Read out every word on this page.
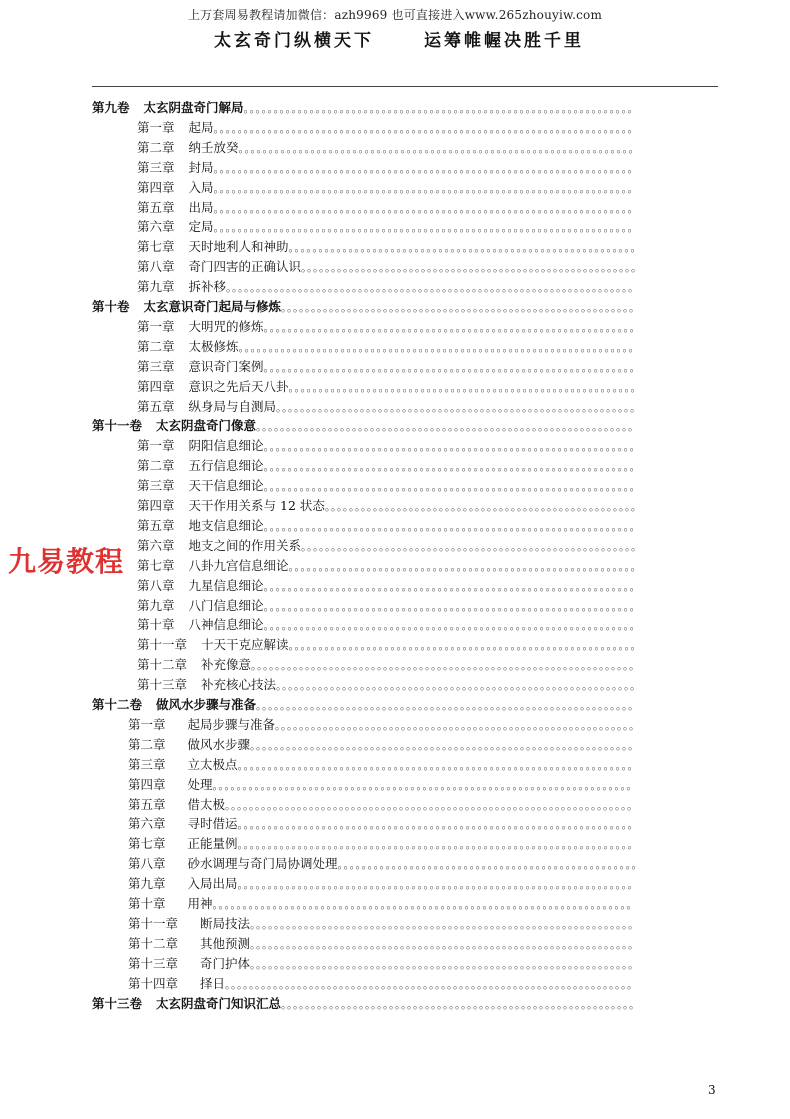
上万套周易教程请加微信：azh9969 也可直接进入www.265zhouyiw.com
太玄奇门纵横天下	运筹帷幄决胜千里
第九卷 太玄阴盘奇门解局。。。。。。。。。。。。。。。。。。。。。。。。。。。。。。。。。。。。。。。。。。。。。。。。。。。。。。。。。。。。。。。。。
第一章 起局。。。。。。。。。。。。。。。。。。。。。。。。。。。。。。。。。。。。。。。。。。。。。。。。。。。。。。。。。。。。。。。。。。。。。。
第二章 纳壬放癸。。。。。。。。。。。。。。。。。。。。。。。。。。。。。。。。。。。。。。。。。。。。。。。。。。。。。。。。。。。。。。。。。。
第三章 封局。。。。。。。。。。。。。。。。。。。。。。。。。。。。。。。。。。。。。。。。。。。。。。。。。。。。。。。。。。。。。。。。。。。。。。
第四章 入局。。。。。。。。。。。。。。。。。。。。。。。。。。。。。。。。。。。。。。。。。。。。。。。。。。。。。。。。。。。。。。。。。。。。。。
第五章 出局。。。。。。。。。。。。。。。。。。。。。。。。。。。。。。。。。。。。。。。。。。。。。。。。。。。。。。。。。。。。。。。。。。。。。。
第六章 定局。。。。。。。。。。。。。。。。。。。。。。。。。。。。。。。。。。。。。。。。。。。。。。。。。。。。。。。。。。。。。。。。。。。。。。
第七章 天时地利人和神助。。。。。。。。。。。。。。。。。。。。。。。。。。。。。。。。。。。。。。。。。。。。。。。。。。。。。。。。。。
第八章 奇门四害的正确认识。。。。。。。。。。。。。。。。。。。。。。。。。。。。。。。。。。。。。。。。。。。。。。。。。。。。。。。。
第九章 拆补移。。。。。。。。。。。。。。。。。。。。。。。。。。。。。。。。。。。。。。。。。。。。。。。。。。。。。。。。。。。。。。。。。。。。
第十卷 太玄意识奇门起局与修炼。。。。。。。。。。。。。。。。。。。。。。。。。。。。。。。。。。。。。。。。。。。。。。。。。。。。。。。。。。。
第一章 大明咒的修炼。。。。。。。。。。。。。。。。。。。。。。。。。。。。。。。。。。。。。。。。。。。。。。。。。。。。。。。。。。。。。。
第二章 太极修炼。。。。。。。。。。。。。。。。。。。。。。。。。。。。。。。。。。。。。。。。。。。。。。。。。。。。。。。。。。。。。。。。。。
第三章 意识奇门案例。。。。。。。。。。。。。。。。。。。。。。。。。。。。。。。。。。。。。。。。。。。。。。。。。。。。。。。。。。。。。。
第四章 意识之先后天八卦。。。。。。。。。。。。。。。。。。。。。。。。。。。。。。。。。。。。。。。。。。。。。。。。。。。。。。。。。。
第五章 纵身局与自测局。。。。。。。。。。。。。。。。。。。。。。。。。。。。。。。。。。。。。。。。。。。。。。。。。。。。。。。。。。。。
第十一卷 太玄阴盘奇门像意。。。。。。。。。。。。。。。。。。。。。。。。。。。。。。。。。。。。。。。。。。。。。。。。。。。。。。。。。。。。。。。
第一章 阴阳信息细论。。。。。。。。。。。。。。。。。。。。。。。。。。。。。。。。。。。。。。。。。。。。。。。。。。。。。。。。。。。。。。
第二章 五行信息细论。。。。。。。。。。。。。。。。。。。。。。。。。。。。。。。。。。。。。。。。。。。。。。。。。。。。。。。。。。。。。。
第三章 天干信息细论。。。。。。。。。。。。。。。。。。。。。。。。。。。。。。。。。。。。。。。。。。。。。。。。。。。。。。。。。。。。。。
第四章 天干作用关系与 12 状态。。。。。。。。。。。。。。。。。。。。。。。。。。。。。。。。。。。。。。。。。。。。。。。。。。。。
第五章 地支信息细论。。。。。。。。。。。。。。。。。。。。。。。。。。。。。。。。。。。。。。。。。。。。。。。。。。。。。。。。。。。。。。
第六章 地支之间的作用关系。。。。。。。。。。。。。。。。。。。。。。。。。。。。。。。。。。。。。。。。。。。。。。。。。。。。。。。。
第七章 八卦九宫信息细论。。。。。。。。。。。。。。。。。。。。。。。。。。。。。。。。。。。。。。。。。。。。。。。。。。。。。。。。。。
第八章 九星信息细论。。。。。。。。。。。。。。。。。。。。。。。。。。。。。。。。。。。。。。。。。。。。。。。。。。。。。。。。。。。。。。
第九章 八门信息细论。。。。。。。。。。。。。。。。。。。。。。。。。。。。。。。。。。。。。。。。。。。。。。。。。。。。。。。。。。。。。。
第十章 八神信息细论。。。。。。。。。。。。。。。。。。。。。。。。。。。。。。。。。。。。。。。。。。。。。。。。。。。。。。。。。。。。。。
第十一章 十天干克应解读。。。。。。。。。。。。。。。。。。。。。。。。。。。。。。。。。。。。。。。。。。。。。。。。。。。。。。。。。。
第十二章 补充像意。。。。。。。。。。。。。。。。。。。。。。。。。。。。。。。。。。。。。。。。。。。。。。。。。。。。。。。。。。。。。。。。
第十三章 补充核心技法。。。。。。。。。。。。。。。。。。。。。。。。。。。。。。。。。。。。。。。。。。。。。。。。。。。。。。。。。。。。
第十二卷 做风水步骤与准备。。。。。。。。。。。。。。。。。。。。。。。。。。。。。。。。。。。。。。。。。。。。。。。。。。。。。。。。。。。。。。。
第一章 起局步骤与准备。。。。。。。。。。。。。。。。。。。。。。。。。。。。。。。。。。。。。。。。。。。。。。。。。。。。。。。。。。。。
第二章 做风水步骤。。。。。。。。。。。。。。。。。。。。。。。。。。。。。。。。。。。。。。。。。。。。。。。。。。。。。。。。。。。。。。。。
第三章 立太极点。。。。。。。。。。。。。。。。。。。。。。。。。。。。。。。。。。。。。。。。。。。。。。。。。。。。。。。。。。。。。。。。。。
第四章 处理。。。。。。。。。。。。。。。。。。。。。。。。。。。。。。。。。。。。。。。。。。。。。。。。。。。。。。。。。。。。。。。。。。。。。。
第五章 借太极。。。。。。。。。。。。。。。。。。。。。。。。。。。。。。。。。。。。。。。。。。。。。。。。。。。。。。。。。。。。。。。。。。。。
第六章 寻时借运。。。。。。。。。。。。。。。。。。。。。。。。。。。。。。。。。。。。。。。。。。。。。。。。。。。。。。。。。。。。。。。。。。
第七章 正能量例。。。。。。。。。。。。。。。。。。。。。。。。。。。。。。。。。。。。。。。。。。。。。。。。。。。。。。。。。。。。。。。。。。
第八章 砂水调理与奇门局协调处理。。。。。。。。。。。。。。。。。。。。。。。。。。。。。。。。。。。。。。。。。。。。。。。。。。
第九章 入局出局。。。。。。。。。。。。。。。。。。。。。。。。。。。。。。。。。。。。。。。。。。。。。。。。。。。。。。。。。。。。。。。。。。
第十章 用神。。。。。。。。。。。。。。。。。。。。。。。。。。。。。。。。。。。。。。。。。。。。。。。。。。。。。。。。。。。。。。。。。。。。。。
第十一章 断局技法。。。。。。。。。。。。。。。。。。。。。。。。。。。。。。。。。。。。。。。。。。。。。。。。。。。。。。。。。。。。。。。。
第十二章 其他预测。。。。。。。。。。。。。。。。。。。。。。。。。。。。。。。。。。。。。。。。。。。。。。。。。。。。。。。。。。。。。。。。
第十三章 奇门护体。。。。。。。。。。。。。。。。。。。。。。。。。。。。。。。。。。。。。。。。。。。。。。。。。。。。。。。。。。。。。。。。
第十四章 择日。。。。。。。。。。。。。。。。。。。。。。。。。。。。。。。。。。。。。。。。。。。。。。。。。。。。。。。。。。。。。。。。。。。。
第十三卷 太玄阴盘奇门知识汇总。。。。。。。。。。。。。。。。。。。。。。。。。。。。。。。。。。。。。。。。。。。。。。。。。。。。。。。。。。。
九易教程
3
